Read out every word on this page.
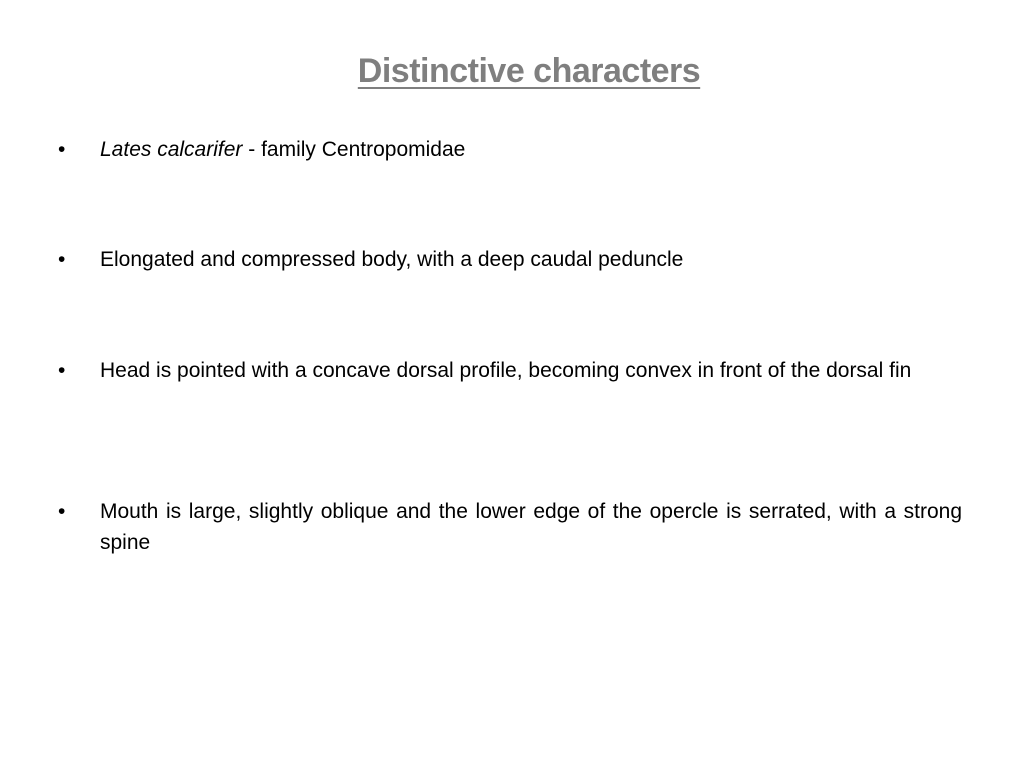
Distinctive characters
•	Lates calcarifer - family Centropomidae
•	Elongated and compressed body, with a deep caudal peduncle
•	Head is pointed with a concave dorsal profile, becoming convex in front of the dorsal fin
•	Mouth is large, slightly oblique and the lower edge of the opercle is serrated, with a strong spine
